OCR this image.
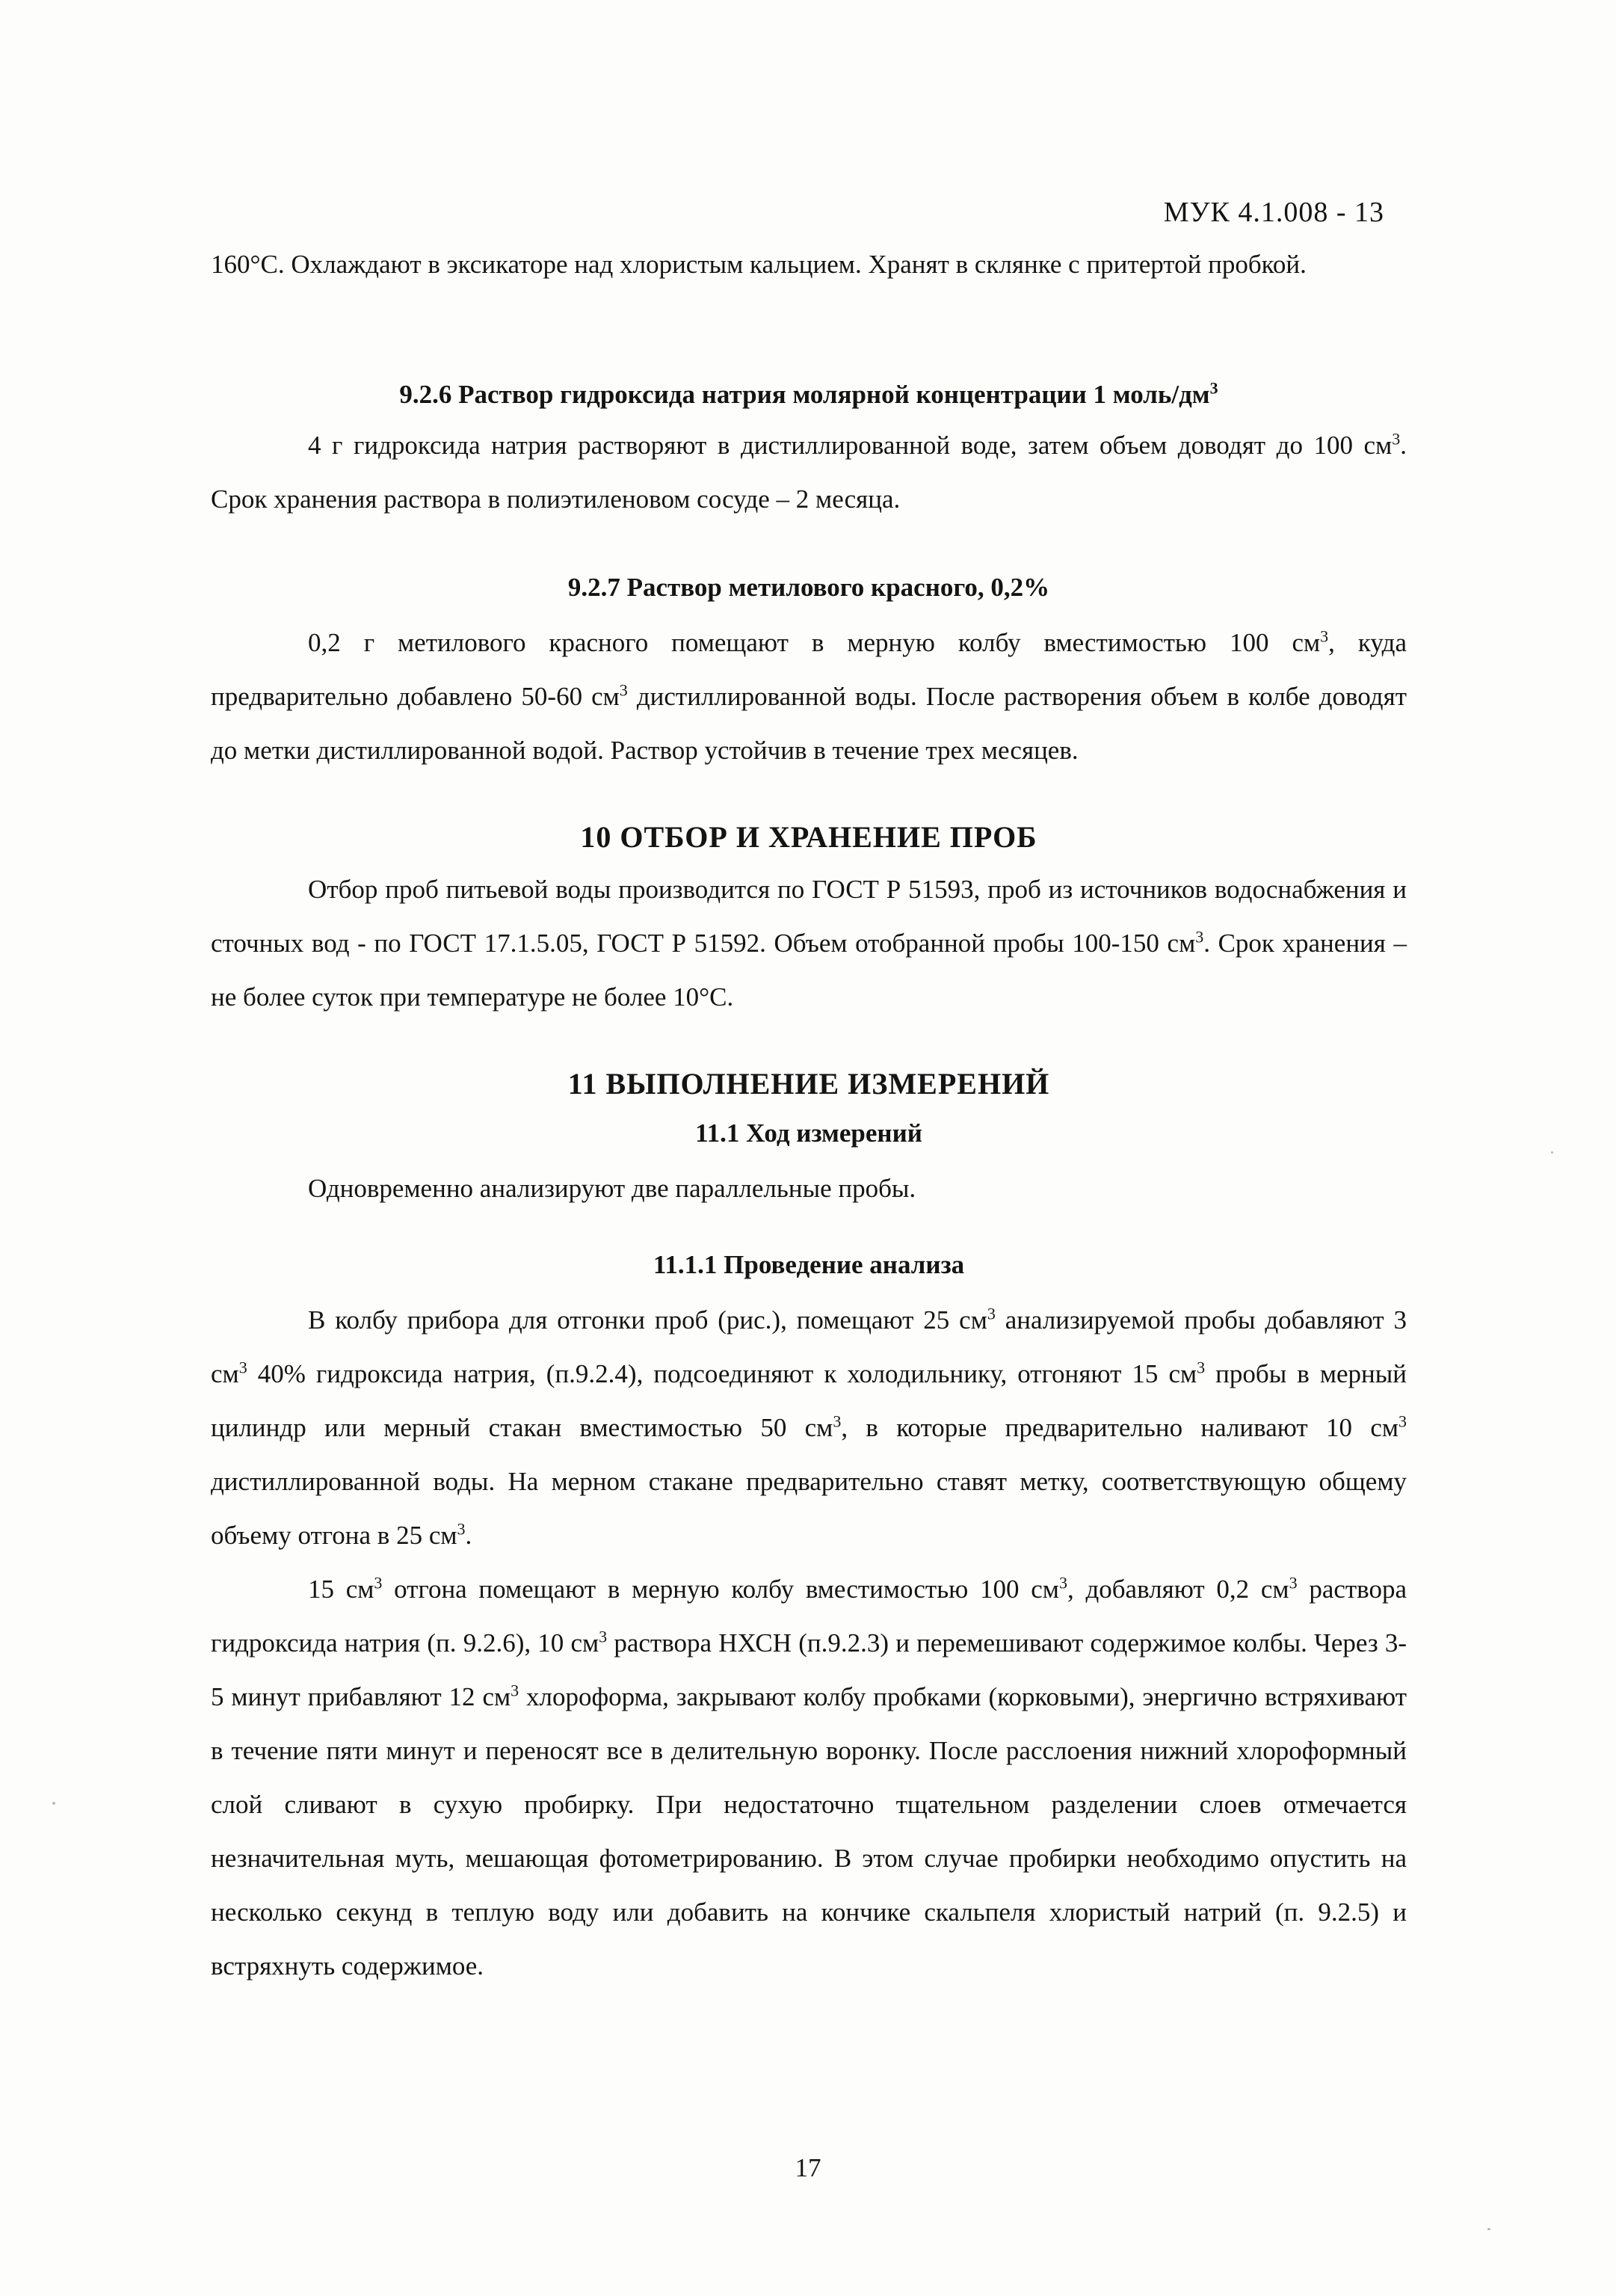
МУК 4.1.008 - 13

160°С. Охлаждают в эксикаторе над хлористым кальцием. Хранят в склянке с притертой пробкой.

9.2.6 Раствор гидроксида натрия молярной концентрации 1 моль/$дм^3$

4 г гидроксида натрия растворяют в дистиллированной воде, затем объем доводят до 100 $см^3$. Срок хранения раствора в полиэтиленовом сосуде – 2 месяца.

9.2.7 Раствор метилового красного, 0,2%

0,2 г метилового красного помещают в мерную колбу вместимостью 100 $см^3$, куда предварительно добавлено 50-60 $см^3$ дистиллированной воды. После растворения объем в колбе доводят до метки дистиллированной водой. Раствор устойчив в течение трех месяцев.

10 ОТБОР И ХРАНЕНИЕ ПРОБ

Отбор проб питьевой воды производится по ГОСТ Р 51593, проб из источников водоснабжения и сточных вод - по ГОСТ 17.1.5.05, ГОСТ Р 51592. Объем отобранной пробы 100-150 $см^3$. Срок хранения – не более суток при температуре не более 10°С.

11 ВЫПОЛНЕНИЕ ИЗМЕРЕНИЙ
11.1 Ход измерений

Одновременно анализируют две параллельные пробы.

11.1.1 Проведение анализа

В колбу прибора для отгонки проб (рис.), помещают 25 $см^3$ анализируемой пробы добавляют 3 $см^3$ 40% гидроксида натрия, (п.9.2.4), подсоединяют к холодильнику, отгоняют 15 $см^3$ пробы в мерный цилиндр или мерный стакан вместимостью 50 $см^3$, в которые предварительно наливают 10 $см^3$ дистиллированной воды. На мерном стакане предварительно ставят метку, соответствующую общему объему отгона в 25 $см^3$.

15 $см^3$ отгона помещают в мерную колбу вместимостью 100 $см^3$, добавляют 0,2 $см^3$ раствора гидроксида натрия (п. 9.2.6), 10 $см^3$ раствора НХСН (п.9.2.3) и перемешивают содержимое колбы. Через 3-5 минут прибавляют 12 $см^3$ хлороформа, закрывают колбу пробками (корковыми), энергично встряхивают в течение пяти минут и переносят все в делительную воронку. После расслоения нижний хлороформный слой сливают в сухую пробирку. При недостаточно тщательном разделении слоев отмечается незначительная муть, мешающая фотометрированию. В этом случае пробирки необходимо опустить на несколько секунд в теплую воду или добавить на кончике скальпеля хлористый натрий (п. 9.2.5) и встряхнуть содержимое.

17
